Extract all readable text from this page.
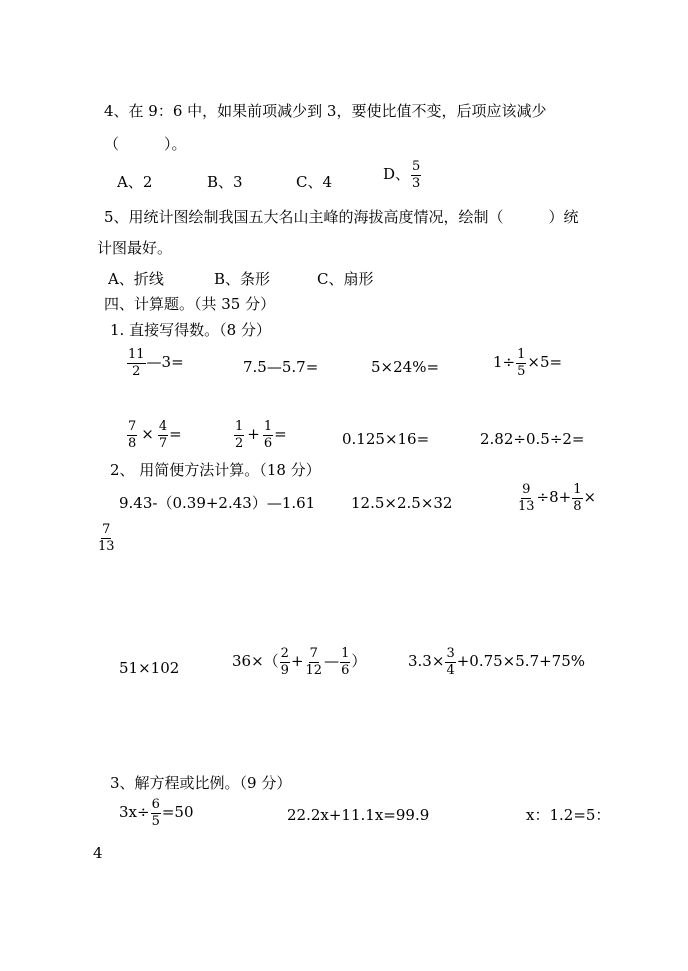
4、在 9：6 中，如果前项减少到 3，要使比值不变，后项应该减少
（　　　）。
A、2	B、3	C、4	D、 $\frac{5}{3}$
5、用统计图绘制我国五大名山主峰的海拔高度情况，绘制（　　　）统
计图最好。
A、折线	B、条形	C、扇形
四、计算题。（共 35 分）
1. 直接写得数。（8 分）
$\frac{11}{2}$ —3=	7.5—5.7=	5×24%=	$1\div \frac{1}{5} \times 5=$
$\frac{7}{8} \times \frac{4}{7}$ =	$\frac{1}{2} + \frac{1}{6}$ =	0.125×16=	2.82÷0.5÷2=
2、 用简便方法计算。（18 分）
9.43-（0.39+2.43）—1.61 12.5×2.5×32	$\frac{9}{13} \div 8+ \frac{1}{8}$ ×
$\frac{7}{13}$
51×102	$36\times( \frac{2}{9} + \frac{7}{12}$ — $\frac{1}{6}$ ）	$3.3\times \frac{3}{4} +0.75\times 5.7+75\%$
3、解方程或比例。（9 分）
$3x\div \frac{6}{5} =50$	22.2x+11.1x=99.9	x：1.2=5：
4
